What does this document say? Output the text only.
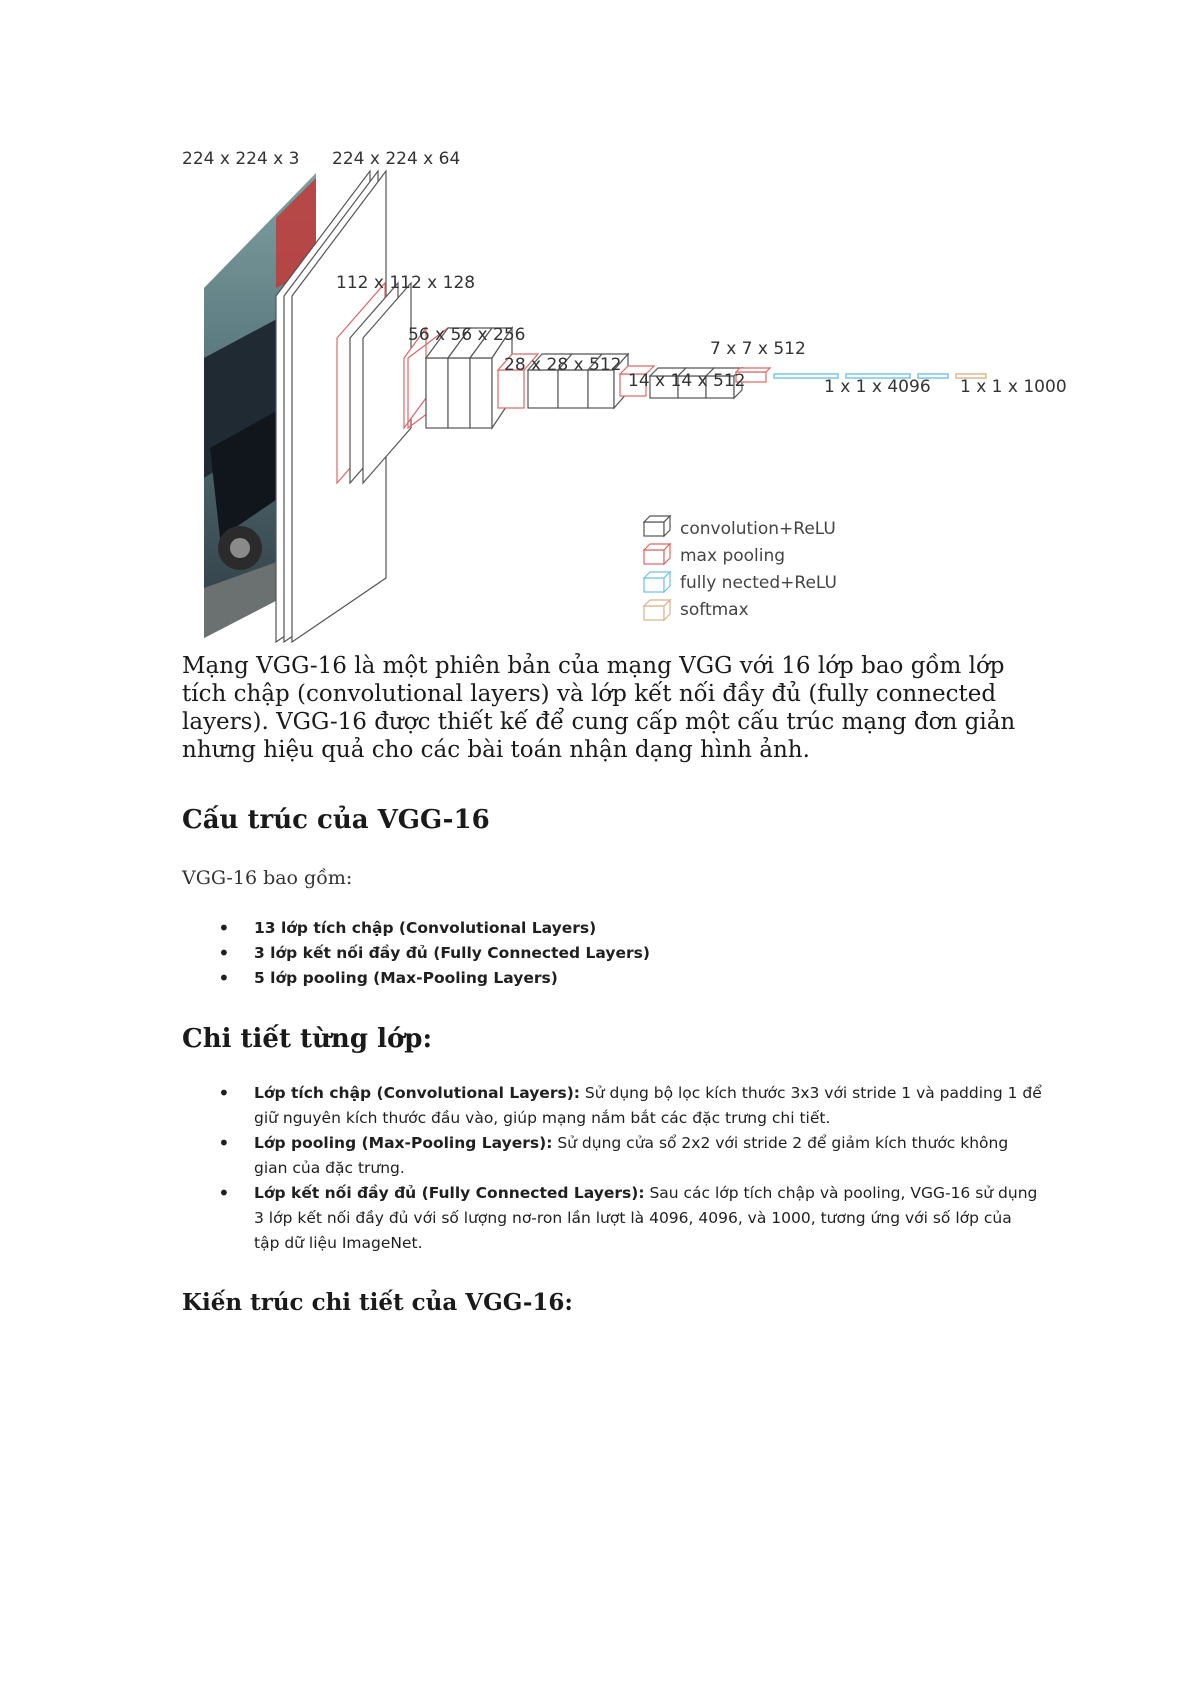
224 x 224 x 3 224 x 224 x 64
112 x 112 x 128
56 x 56 x 256
28 x 28 x 512
14 x 14 x 512
7 x 7 x 512
1 x 1 x 4096 1 x 1 x 1000
convolution+ReLU
max pooling
fully nected+ReLU
softmax

Mạng VGG-16 là một phiên bản của mạng VGG với 16 lớp bao gồm lớp tích chập (convolutional layers) và lớp kết nối đầy đủ (fully connected layers). VGG-16 được thiết kế để cung cấp một cấu trúc mạng đơn giản nhưng hiệu quả cho các bài toán nhận dạng hình ảnh.

Cấu trúc của VGG-16

VGG-16 bao gồm:

• 13 lớp tích chập (Convolutional Layers)
• 3 lớp kết nối đầy đủ (Fully Connected Layers)
• 5 lớp pooling (Max-Pooling Layers)
Chi tiết từng lớp:
• Lớp tích chập (Convolutional Layers): Sử dụng bộ lọc kích thước 3x3 với stride 1 và padding 1 để giữ nguyên kích thước đầu vào, giúp mạng nắm bắt các đặc trưng chi tiết.
• Lớp pooling (Max-Pooling Layers): Sử dụng cửa sổ 2x2 với stride 2 để giảm kích thước không gian của đặc trưng.
• Lớp kết nối đầy đủ (Fully Connected Layers): Sau các lớp tích chập và pooling, VGG-16 sử dụng 3 lớp kết nối đầy đủ với số lượng nơ-ron lần lượt là 4096, 4096, và 1000, tương ứng với số lớp của tập dữ liệu ImageNet.
Kiến trúc chi tiết của VGG-16:
